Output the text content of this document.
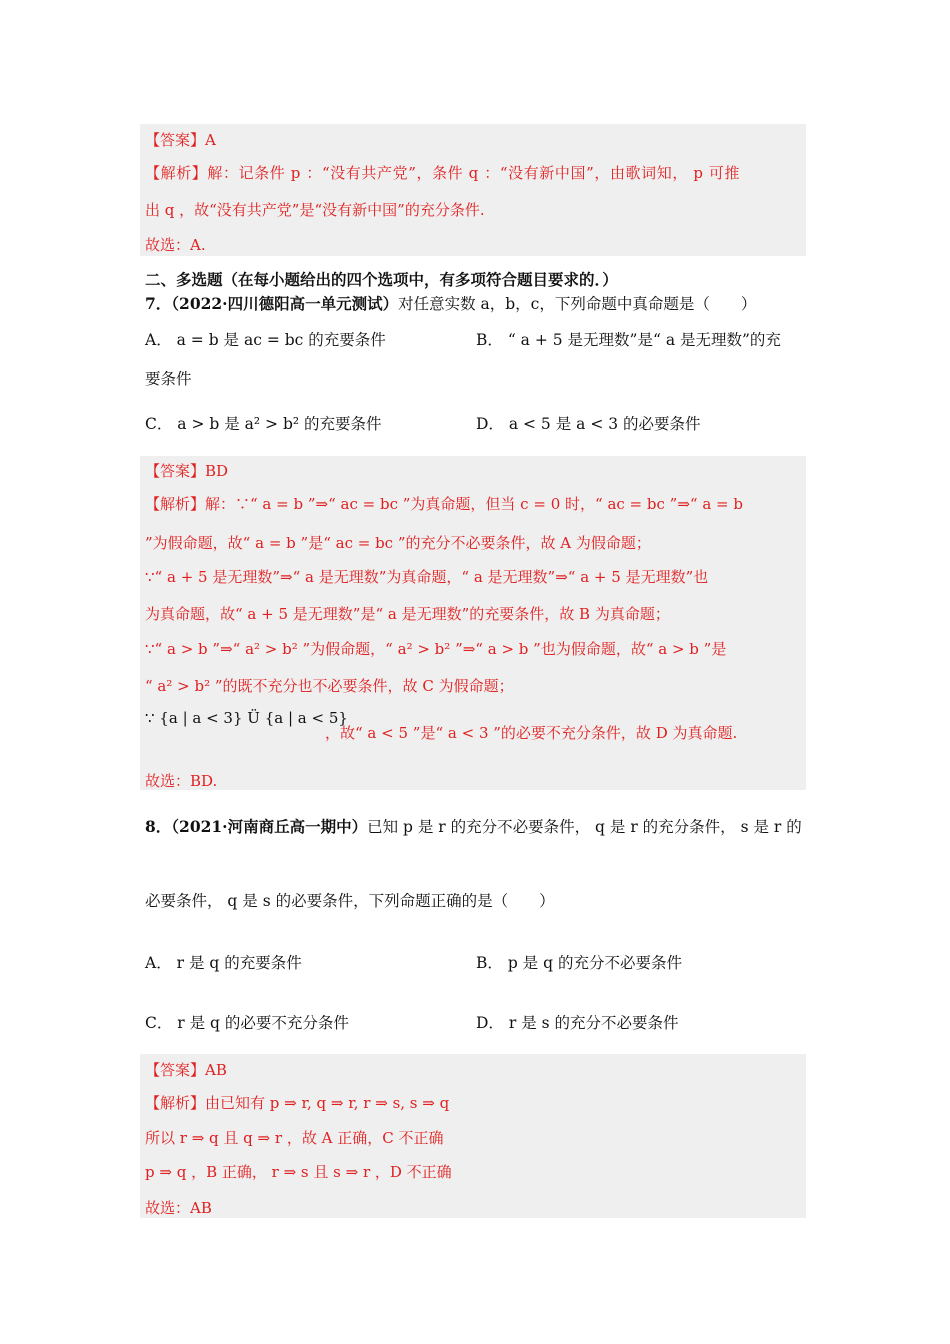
【答案】A
【解析】解：记条件 p ：“没有共产党”，条件 q ：“没有新中国”，由歌词知， p 可推
出 q ，故“没有共产党”是“没有新中国”的充分条件.
故选：A.
二、多选题（在每小题给出的四个选项中，有多项符合题目要求的．）
7．（2022·四川德阳高一单元测试）对任意实数 a，b，c，下列命题中真命题是（　　）
A． a = b 是 ac = bc 的充要条件	B． “ a + 5 是无理数”是“ a 是无理数”的充
要条件
C． a > b 是 a² > b² 的充要条件	D． a < 5 是 a < 3 的必要条件
【答案】BD
【解析】解：∵“ a = b ”⇒“ ac = bc ”为真命题，但当 c = 0 时，“ ac = bc ”⇒“ a = b
”为假命题，故“ a = b ”是“ ac = bc ”的充分不必要条件，故 A 为假命题；
∵“ a + 5 是无理数”⇒“ a 是无理数”为真命题，“ a 是无理数”⇒“ a + 5 是无理数”也
为真命题，故“ a + 5 是无理数”是“ a 是无理数”的充要条件，故 B 为真命题；
∵“ a > b ”⇒“ a² > b² ”为假命题，“ a² > b² ”⇒“ a > b ”也为假命题，故“ a > b ”是
“ a² > b² ”的既不充分也不必要条件，故 C 为假命题；
∵ {a | a < 3} Ü {a | a < 5}
，故“ a < 5 ”是“ a < 3 ”的必要不充分条件，故 D 为真命题.
故选：BD.
8．（2021·河南商丘高一期中）已知 p 是 r 的充分不必要条件， q 是 r 的充分条件， s 是 r 的
必要条件， q 是 s 的必要条件，下列命题正确的是（　　）
A． r 是 q 的充要条件	B． p 是 q 的充分不必要条件
C． r 是 q 的必要不充分条件	D． r 是 s 的充分不必要条件
【答案】AB
【解析】由已知有 p ⇒ r, q ⇒ r, r ⇒ s, s ⇒ q
所以 r ⇒ q 且 q ⇒ r ，故 A 正确，C 不正确
p ⇒ q ，B 正确， r ⇒ s 且 s ⇒ r ，D 不正确
故选：AB
